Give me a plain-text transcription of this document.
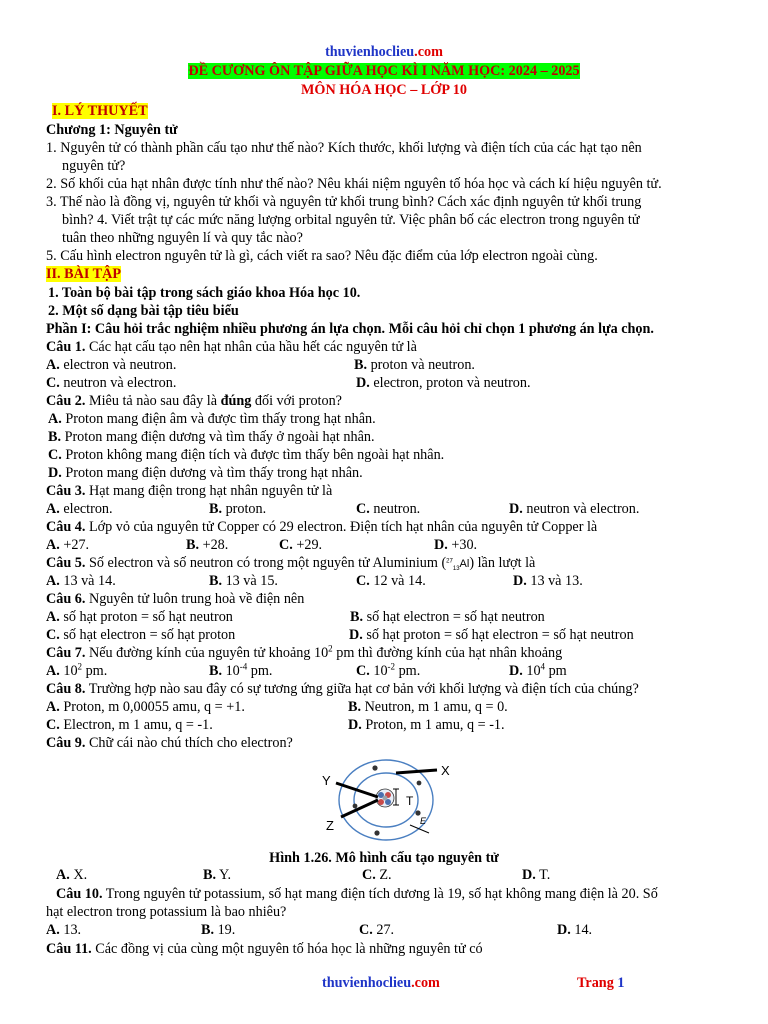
thuvienhoclieu.com
ĐỀ CƯƠNG ÔN TẬP GIỮA HỌC KÌ I NĂM HỌC: 2024 – 2025
MÔN HÓA HỌC – LỚP 10
I. LÝ THUYẾT
Chương 1: Nguyên tử
1. Nguyên tử có thành phần cấu tạo như thế nào? Kích thước, khối lượng và điện tích của các hạt tạo nên
nguyên tử?
2. Số khối của hạt nhân được tính như thế nào? Nêu khái niệm nguyên tố hóa học và cách kí hiệu nguyên tử.
3. Thế nào là đồng vị, nguyên tử khối và nguyên tử khối trung bình? Cách xác định nguyên tử khối trung
bình? 4. Viết trật tự các mức năng lượng orbital nguyên tử. Việc phân bố các electron trong nguyên tử
tuân theo những nguyên lí và quy tắc nào?
5. Cấu hình electron nguyên tử là gì, cách viết ra sao? Nêu đặc điểm của lớp electron ngoài cùng.
II. BÀI TẬP
1. Toàn bộ bài tập trong sách giáo khoa Hóa học 10.
2. Một số dạng bài tập tiêu biểu
Phần I: Câu hỏi trắc nghiệm nhiều phương án lựa chọn. Mỗi câu hỏi chỉ chọn 1 phương án lựa chọn.
Câu 1. Các hạt cấu tạo nên hạt nhân của hầu hết các nguyên tử là
A. electron và neutron.	B. proton và neutron.
C. neutron và electron.	D. electron, proton và neutron.
Câu 2. Miêu tả nào sau đây là đúng đối với proton?
A. Proton mang điện âm và được tìm thấy trong hạt nhân.
B. Proton mang điện dương và tìm thấy ở ngoài hạt nhân.
C. Proton không mang điện tích và được tìm thấy bên ngoài hạt nhân.
D. Proton mang điện dương và tìm thấy trong hạt nhân.
Câu 3. Hạt mang điện trong hạt nhân nguyên tử là
A. electron.	B. proton.	C. neutron.	D. neutron và electron.
Câu 4. Lớp vỏ của nguyên tử Copper có 29 electron. Điện tích hạt nhân của nguyên tử Copper là
A. +27.	B. +28.	C. +29.	D. +30.
Câu 5. Số electron và số neutron có trong một nguyên tử Aluminium ($^{27}_{13}$Al) lần lượt là
A. 13 và 14.	B. 13 và 15.	C. 12 và 14.	D. 13 và 13.
Câu 6. Nguyên tử luôn trung hoà về điện nên
A. số hạt proton = số hạt neutron	B. số hạt electron = số hạt neutron
C. số hạt electron = số hạt proton	D. số hạt proton = số hạt electron = số hạt neutron
Câu 7. Nếu đường kính của nguyên tử khoảng $10^2$ pm thì đường kính của hạt nhân khoảng
A. $10^2$ pm.	B. $10^{-4}$ pm.	C. $10^{-2}$ pm.	D. $10^4$ pm
Câu 8. Trường hợp nào sau đây có sự tương ứng giữa hạt cơ bản với khối lượng và điện tích của chúng?
A. Proton, m 0,00055 amu, q = +1.	B. Neutron, m 1 amu, q = 0.
C. Electron, m 1 amu, q = -1.	D. Proton, m 1 amu, q = -1.
Câu 9. Chữ cái nào chú thích cho electron?
X
Y
Z
T
E
Hình 1.26. Mô hình cấu tạo nguyên tử
A. X.	B. Y.	C. Z.	D. T.
Câu 10. Trong nguyên tử potassium, số hạt mang điện tích dương là 19, số hạt không mang điện là 20. Số
hạt electron trong potassium là bao nhiêu?
A. 13.	B. 19.	C. 27.	D. 14.
Câu 11. Các đồng vị của cùng một nguyên tố hóa học là những nguyên tử có
thuvienhoclieu.com	Trang 1
